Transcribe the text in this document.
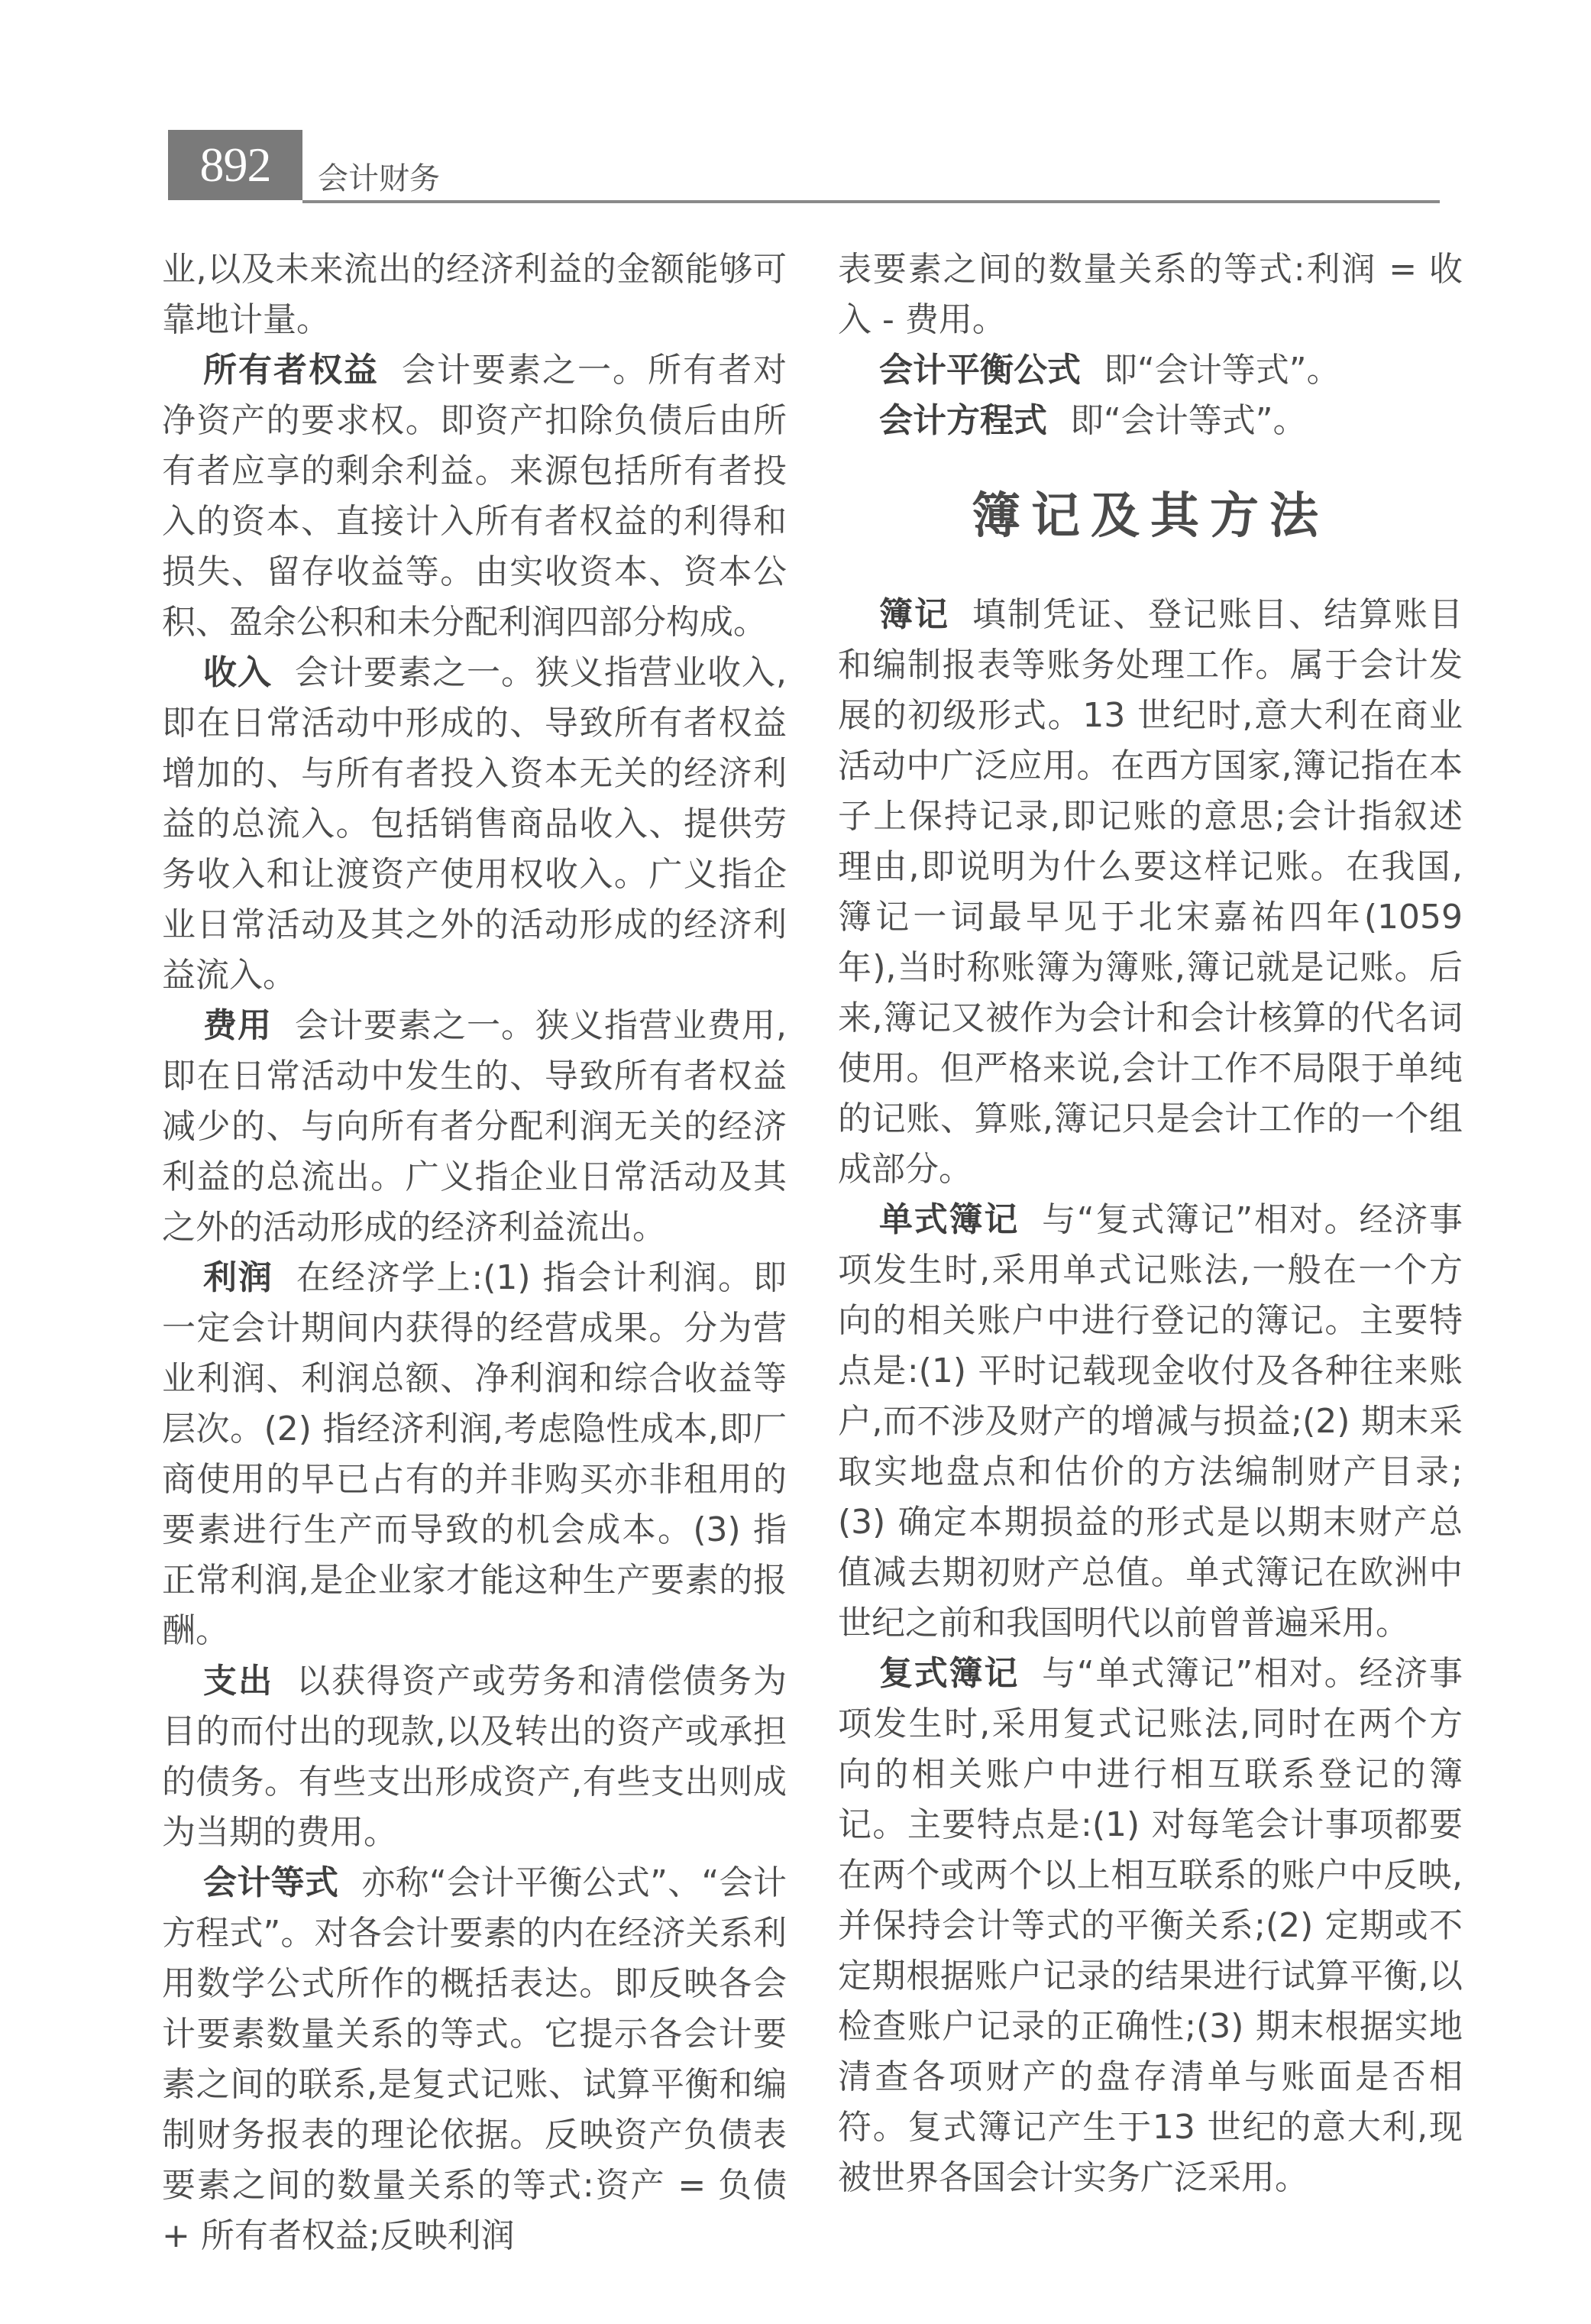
892	会计财务

业,以及未来流出的经济利益的金额能够可靠地计量。

所有者权益 会计要素之一。所有者对净资产的要求权。即资产扣除负债后由所有者应享的剩余利益。来源包括所有者投入的资本、直接计入所有者权益的利得和损失、留存收益等。由实收资本、资本公积、盈余公积和未分配利润四部分构成。

收入 会计要素之一。狭义指营业收入,即在日常活动中形成的、导致所有者权益增加的、与所有者投入资本无关的经济利益的总流入。包括销售商品收入、提供劳务收入和让渡资产使用权收入。广义指企业日常活动及其之外的活动形成的经济利益流入。

费用 会计要素之一。狭义指营业费用,即在日常活动中发生的、导致所有者权益减少的、与向所有者分配利润无关的经济利益的总流出。广义指企业日常活动及其之外的活动形成的经济利益流出。

利润 在经济学上:(1) 指会计利润。即一定会计期间内获得的经营成果。分为营业利润、利润总额、净利润和综合收益等层次。(2) 指经济利润,考虑隐性成本,即厂商使用的早已占有的并非购买亦非租用的要素进行生产而导致的机会成本。(3) 指正常利润,是企业家才能这种生产要素的报酬。

支出 以获得资产或劳务和清偿债务为目的而付出的现款,以及转出的资产或承担的债务。有些支出形成资产,有些支出则成为当期的费用。

会计等式 亦称“会计平衡公式”、“会计方程式”。对各会计要素的内在经济关系利用数学公式所作的概括表达。即反映各会计要素数量关系的等式。它提示各会计要素之间的联系,是复式记账、试算平衡和编制财务报表的理论依据。反映资产负债表要素之间的数量关系的等式:资产 = 负债 + 所有者权益;反映利润

表要素之间的数量关系的等式:利润 = 收入 - 费用。

会计平衡公式 即“会计等式”。

会计方程式 即“会计等式”。

簿记及其方法

簿记 填制凭证、登记账目、结算账目和编制报表等账务处理工作。属于会计发展的初级形式。13 世纪时,意大利在商业活动中广泛应用。在西方国家,簿记指在本子上保持记录,即记账的意思;会计指叙述理由,即说明为什么要这样记账。在我国,簿记一词最早见于北宋嘉祐四年(1059 年),当时称账簿为簿账,簿记就是记账。后来,簿记又被作为会计和会计核算的代名词使用。但严格来说,会计工作不局限于单纯的记账、算账,簿记只是会计工作的一个组成部分。

单式簿记 与“复式簿记”相对。经济事项发生时,采用单式记账法,一般在一个方向的相关账户中进行登记的簿记。主要特点是:(1) 平时记载现金收付及各种往来账户,而不涉及财产的增减与损益;(2) 期末采取实地盘点和估价的方法编制财产目录;(3) 确定本期损益的形式是以期末财产总值减去期初财产总值。单式簿记在欧洲中世纪之前和我国明代以前曾普遍采用。

复式簿记 与“单式簿记”相对。经济事项发生时,采用复式记账法,同时在两个方向的相关账户中进行相互联系登记的簿记。主要特点是:(1) 对每笔会计事项都要在两个或两个以上相互联系的账户中反映,并保持会计等式的平衡关系;(2) 定期或不定期根据账户记录的结果进行试算平衡,以检查账户记录的正确性;(3) 期末根据实地清查各项财产的盘存清单与账面是否相符。复式簿记产生于13 世纪的意大利,现被世界各国会计实务广泛采用。
